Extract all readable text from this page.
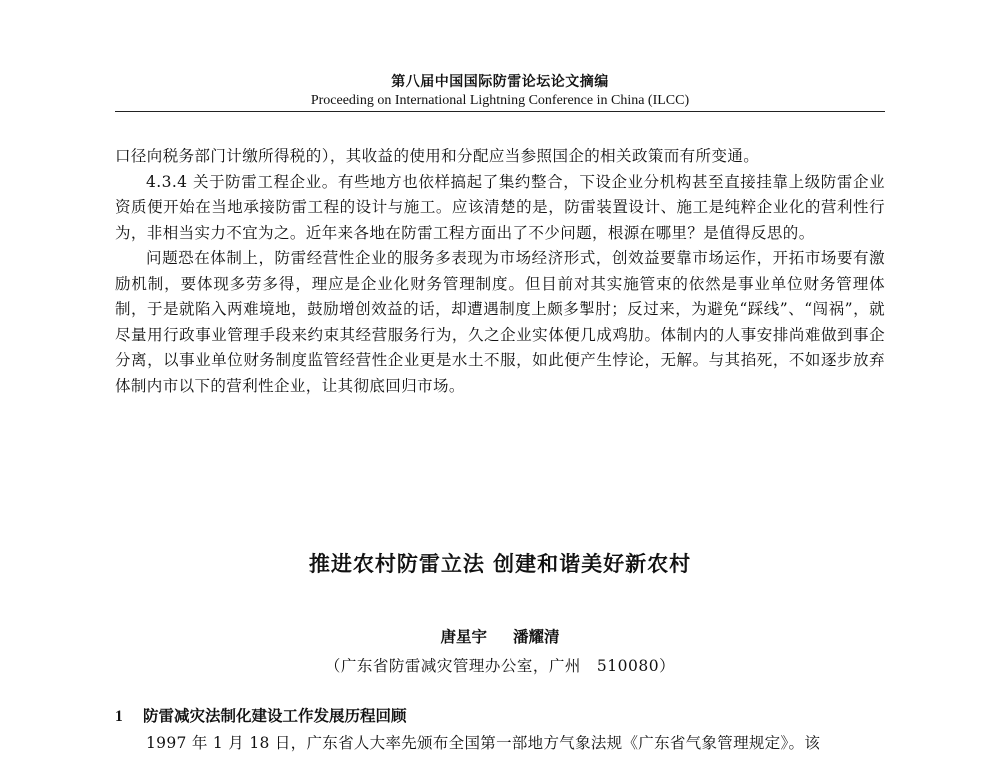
第八届中国国际防雷论坛论文摘编
Proceeding on International Lightning Conference in China (ILCC)

口径向税务部门计缴所得税的），其收益的使用和分配应当参照国企的相关政策而有所变通。

4.3.4 关于防雷工程企业。有些地方也依样搞起了集约整合，下设企业分机构甚至直接挂靠上级防雷企业资质便开始在当地承接防雷工程的设计与施工。应该清楚的是，防雷装置设计、施工是纯粹企业化的营利性行为，非相当实力不宜为之。近年来各地在防雷工程方面出了不少问题，根源在哪里？是值得反思的。

问题恐在体制上，防雷经营性企业的服务多表现为市场经济形式，创效益要靠市场运作，开拓市场要有激励机制，要体现多劳多得，理应是企业化财务管理制度。但目前对其实施管束的依然是事业单位财务管理体制，于是就陷入两难境地，鼓励增创效益的话，却遭遇制度上颇多掣肘；反过来，为避免“踩线”、“闯祸”，就尽量用行政事业管理手段来约束其经营服务行为，久之企业实体便几成鸡肋。体制内的人事安排尚难做到事企分离，以事业单位财务制度监管经营性企业更是水土不服，如此便产生悖论，无解。与其掐死，不如逐步放弃体制内市以下的营利性企业，让其彻底回归市场。

推进农村防雷立法 创建和谐美好新农村
唐星宇 潘耀清
（广东省防雷减灾管理办公室，广州　510080）
1 防雷减灾法制化建设工作发展历程回顾
1997 年 1 月 18 日，广东省人大率先颁布全国第一部地方气象法规《广东省气象管理规定》。该
